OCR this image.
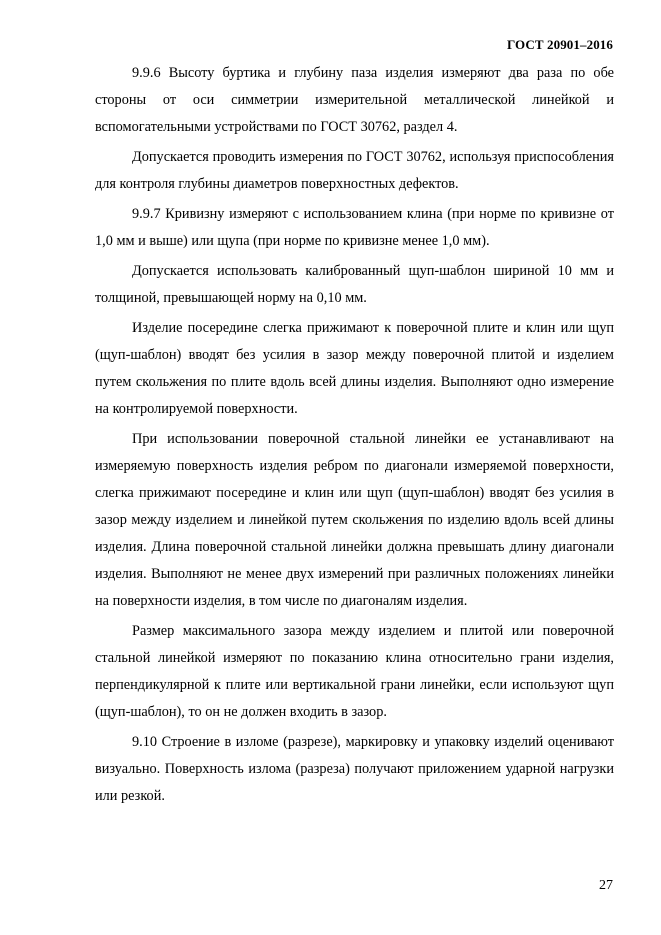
ГОСТ 20901–2016

9.9.6 Высоту буртика и глубину паза изделия измеряют два раза по обе стороны от оси симметрии измерительной металлической линейкой и вспомогательными устройствами по ГОСТ 30762, раздел 4.

Допускается проводить измерения по ГОСТ 30762, используя приспособления для контроля глубины диаметров поверхностных дефектов.

9.9.7 Кривизну измеряют с использованием клина (при норме по кривизне от 1,0 мм и выше) или щупа (при норме по кривизне менее 1,0 мм).

Допускается использовать калиброванный щуп-шаблон шириной 10 мм и толщиной, превышающей норму на 0,10 мм.

Изделие посередине слегка прижимают к поверочной плите и клин или щуп (щуп-шаблон) вводят без усилия в зазор между поверочной плитой и изделием путем скольжения по плите вдоль всей длины изделия. Выполняют одно измерение на контролируемой поверхности.

При использовании поверочной стальной линейки ее устанавливают на измеряемую поверхность изделия ребром по диагонали измеряемой поверхности, слегка прижимают посередине и клин или щуп (щуп-шаблон) вводят без усилия в зазор между изделием и линейкой путем скольжения по изделию вдоль всей длины изделия. Длина поверочной стальной линейки должна превышать длину диагонали изделия. Выполняют не менее двух измерений при различных положениях линейки на поверхности изделия, в том числе по диагоналям изделия.

Размер максимального зазора между изделием и плитой или поверочной стальной линейкой измеряют по показанию клина относительно грани изделия, перпендикулярной к плите или вертикальной грани линейки, если используют щуп (щуп-шаблон), то он не должен входить в зазор.

9.10 Строение в изломе (разрезе), маркировку и упаковку изделий оценивают визуально. Поверхность излома (разреза) получают приложением ударной нагрузки или резкой.

27
